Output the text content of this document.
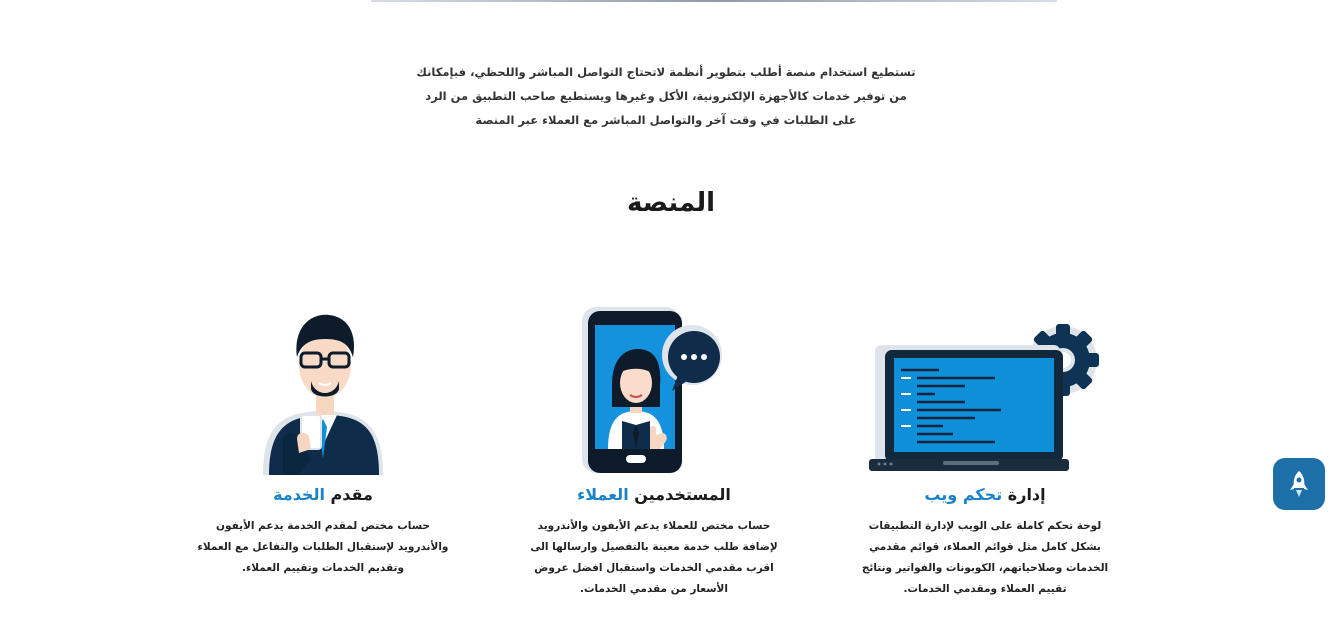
تستطيع استخدام منصة أطلب بتطوير أنظمة لاتحتاج التواصل المباشر واللحظي، فبإمكانك من توفير خدمات كالأجهزة الإلكترونية، الأكل وغيرها ويستطيع صاحب التطبيق من الرد على الطلبات في وقت آخر والتواصل المباشر مع العملاء عبر المنصة

المنصة
إدارة تحكم ويب

لوحة تحكم كاملة على الويب لإدارة التطبيقات بشكل كامل مثل قوائم العملاء، قوائم مقدمي الخدمات وصلاحياتهم، الكوبونات والفواتير ونتائج تقييم العملاء ومقدمي الخدمات.

المستخدمين العملاء

حساب مختص للعملاء يدعم الأيفون والأندرويد لإضافة طلب خدمة معينة بالتفصيل وارسالها الى اقرب مقدمي الخدمات واستقبال افضل عروض الأسعار من مقدمي الخدمات.

مقدم الخدمة

حساب مختص لمقدم الخدمة يدعم الأيفون والأندرويد لإستقبال الطلبات والتفاعل مع العملاء وتقديم الخدمات وتقييم العملاء.
